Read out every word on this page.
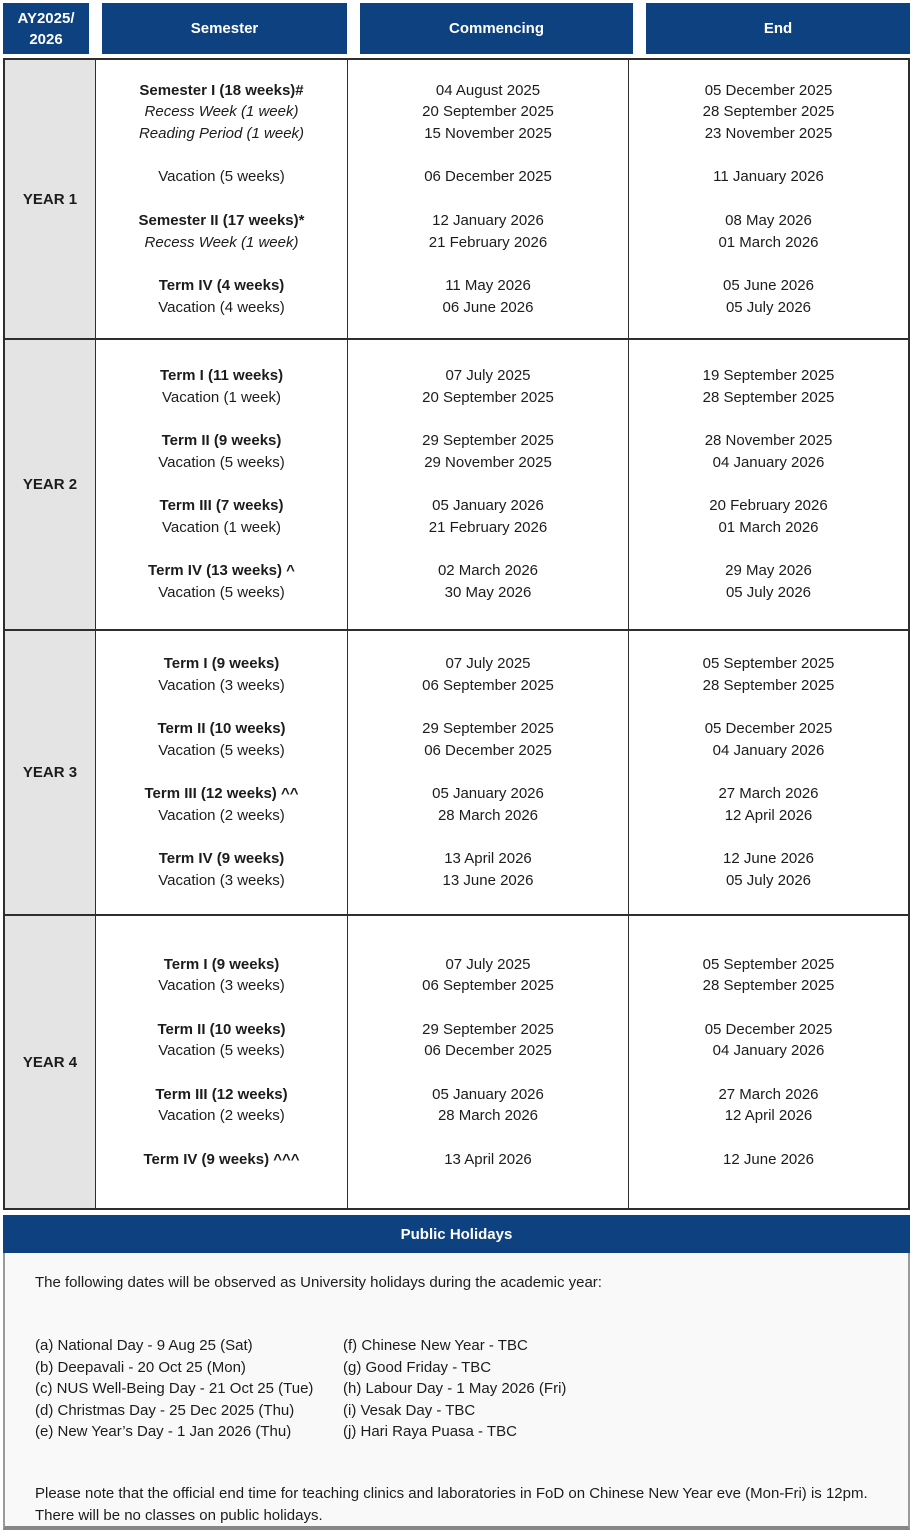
AY2025/
2026
Semester	Commencing	End
YEAR 1
Semester I (18 weeks)#
Recess Week (1 week)
Reading Period (1 week)

Vacation (5 weeks)

Semester II (17 weeks)*
Recess Week (1 week)

Term IV (4 weeks)
Vacation (4 weeks)
04 August 2025
20 September 2025
15 November 2025

06 December 2025

12 January 2026
21 February 2026

11 May 2026
06 June 2026
05 December 2025
28 September 2025
23 November 2025

11 January 2026

08 May 2026
01 March 2026

05 June 2026
05 July 2026
YEAR 2
Term I (11 weeks)
Vacation (1 week)

Term II (9 weeks)
Vacation (5 weeks)

Term III (7 weeks)
Vacation (1 week)

Term IV (13 weeks) ^
Vacation (5 weeks)
07 July 2025
20 September 2025

29 September 2025
29 November 2025

05 January 2026
21 February 2026

02 March 2026
30 May 2026
19 September 2025
28 September 2025

28 November 2025
04 January 2026

20 February 2026
01 March 2026

29 May 2026
05 July 2026
YEAR 3
Term I (9 weeks)
Vacation (3 weeks)

Term II (10 weeks)
Vacation (5 weeks)

Term III (12 weeks) ^^
Vacation (2 weeks)

Term IV (9 weeks)
Vacation (3 weeks)
07 July 2025
06 September 2025

29 September 2025
06 December 2025

05 January 2026
28 March 2026

13 April 2026
13 June 2026
05 September 2025
28 September 2025

05 December 2025
04 January 2026

27 March 2026
12 April 2026

12 June 2026
05 July 2026
YEAR 4
Term I (9 weeks)
Vacation (3 weeks)

Term II (10 weeks)
Vacation (5 weeks)

Term III (12 weeks)
Vacation (2 weeks)

Term IV (9 weeks) ^^^
07 July 2025
06 September 2025

29 September 2025
06 December 2025

05 January 2026
28 March 2026

13 April 2026
05 September 2025
28 September 2025

05 December 2025
04 January 2026

27 March 2026
12 April 2026

12 June 2026
Public Holidays

The following dates will be observed as University holidays during the academic year:

(a) National Day - 9 Aug 25 (Sat)
(b) Deepavali - 20 Oct 25 (Mon)
(c) NUS Well-Being Day - 21 Oct 25 (Tue)
(d) Christmas Day - 25 Dec 2025 (Thu)
(e) New Year’s Day - 1 Jan 2026 (Thu)
(f) Chinese New Year - TBC
(g) Good Friday - TBC
(h) Labour Day - 1 May 2026 (Fri)
(i) Vesak Day - TBC
(j) Hari Raya Puasa - TBC

Please note that the official end time for teaching clinics and laboratories in FoD on Chinese New Year eve (Mon-Fri) is 12pm.
There will be no classes on public holidays.
